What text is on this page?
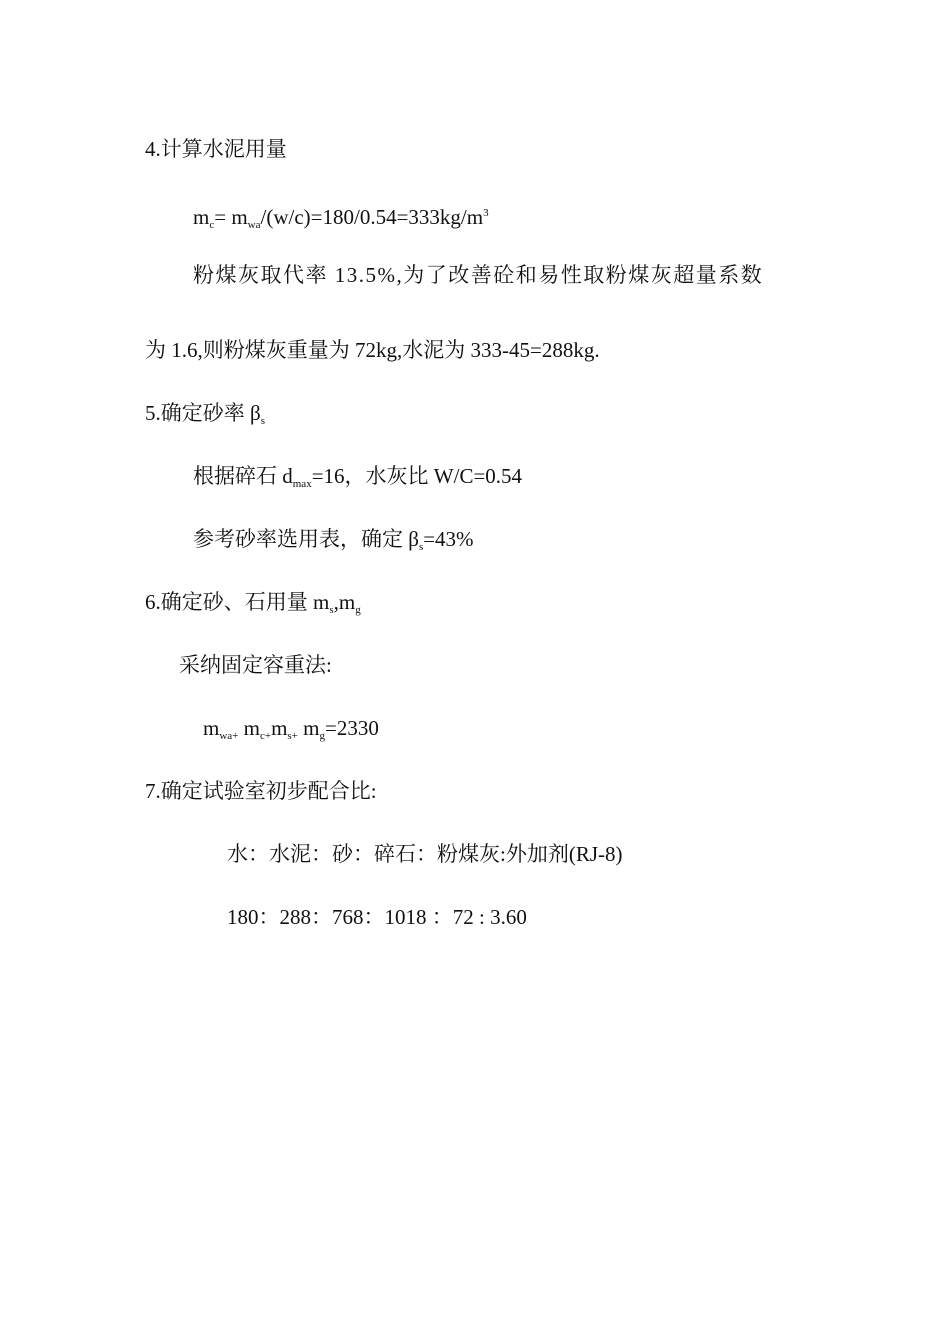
4.计算水泥用量
$m_c= m_{wa}/(w/c)=180/0.54=333kg/m^3$
粉煤灰取代率 13.5%,为了改善砼和易性取粉煤灰超量系数
为 1.6,则粉煤灰重量为 72kg,水泥为 333-45=288kg.
5.确定砂率 $\beta_s$
根据碎石 $d_{max}=16$，水灰比 W/C=0.54
参考砂率选用表，确定 $\beta_s=43\%$
6.确定砂、石用量 $m_s,m_g$
采纳固定容重法:
$m_{wa+}$ $m_{c+}m_{s+}$ $m_g=2330$
7.确定试验室初步配合比:
水：水泥：砂：碎石：粉煤灰:外加剂(RJ-8)
180：288：768：1018 ：72 : 3.60
